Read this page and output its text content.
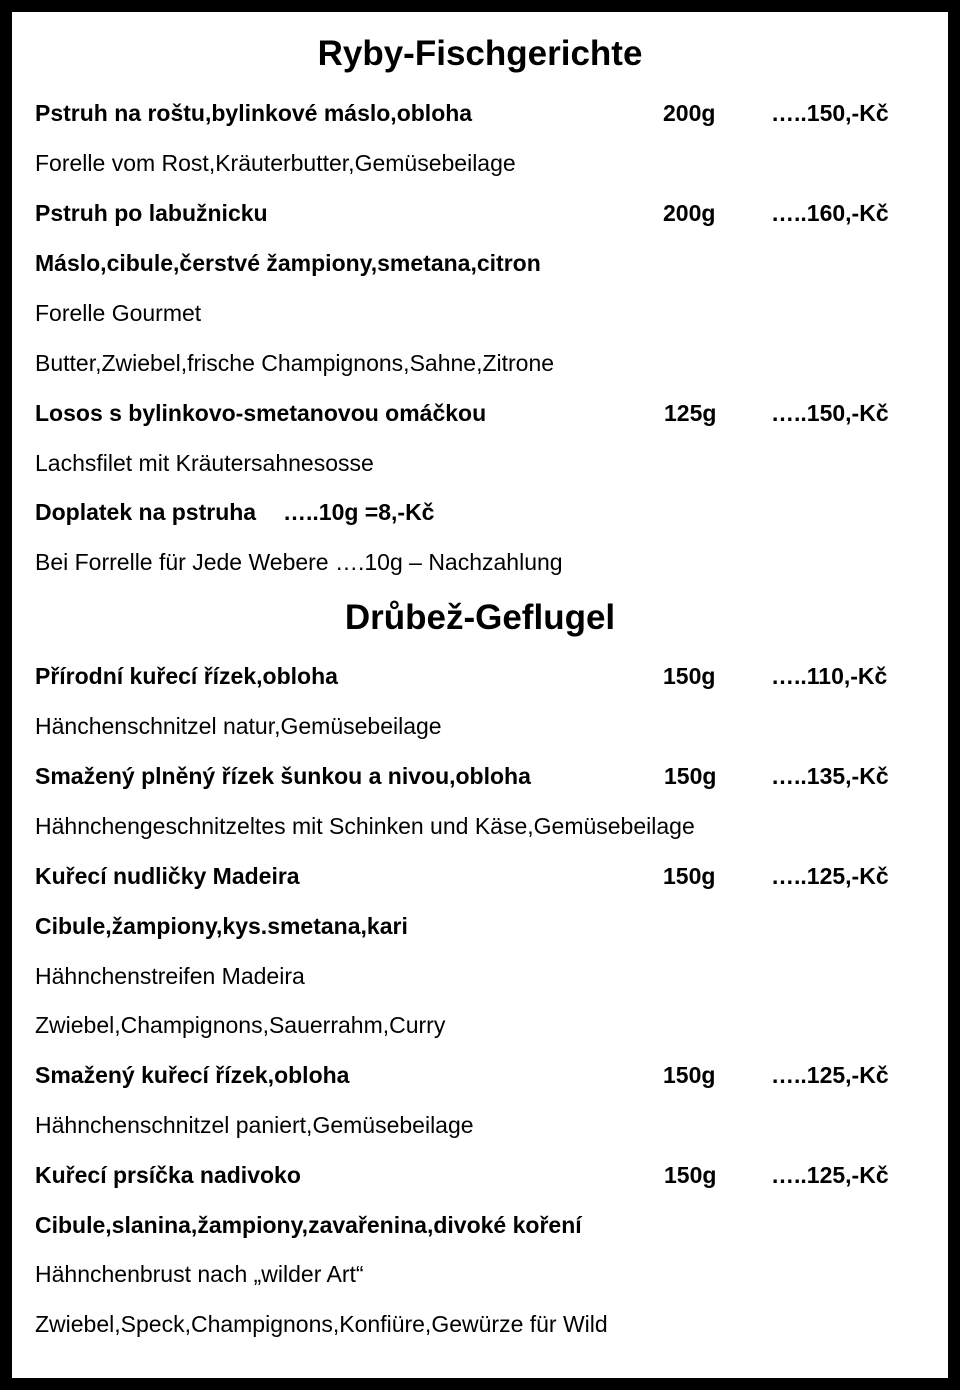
Ryby-Fischgerichte
Pstruh na roštu,bylinkové máslo,obloha	200g …..150,-Kč
Forelle vom Rost,Kräuterbutter,Gemüsebeilage
Pstruh po labužnicku	200g …..160,-Kč
Máslo,cibule,čerstvé žampiony,smetana,citron
Forelle Gourmet
Butter,Zwiebel,frische Champignons,Sahne,Zitrone
Losos s bylinkovo-smetanovou omáčkou	125g …..150,-Kč
Lachsfilet mit Kräutersahnesosse
Doplatek na pstruha …..10g =8,-Kč
Bei Forrelle für Jede Webere ….10g – Nachzahlung
Drůbež-Geflugel
Přírodní kuřecí řízek,obloha	150g …..110,-Kč
Hänchenschnitzel natur,Gemüsebeilage
Smažený plněný řízek šunkou a nivou,obloha	150g …..135,-Kč
Hähnchengeschnitzeltes mit Schinken und Käse,Gemüsebeilage
Kuřecí nudličky Madeira	150g …..125,-Kč
Cibule,žampiony,kys.smetana,kari
Hähnchenstreifen Madeira
Zwiebel,Champignons,Sauerrahm,Curry
Smažený kuřecí řízek,obloha	150g …..125,-Kč
Hähnchenschnitzel paniert,Gemüsebeilage
Kuřecí prsíčka nadivoko	150g …..125,-Kč
Cibule,slanina,žampiony,zavařenina,divoké koření
Hähnchenbrust nach „wilder Art“
Zwiebel,Speck,Champignons,Konfiüre,Gewürze für Wild
